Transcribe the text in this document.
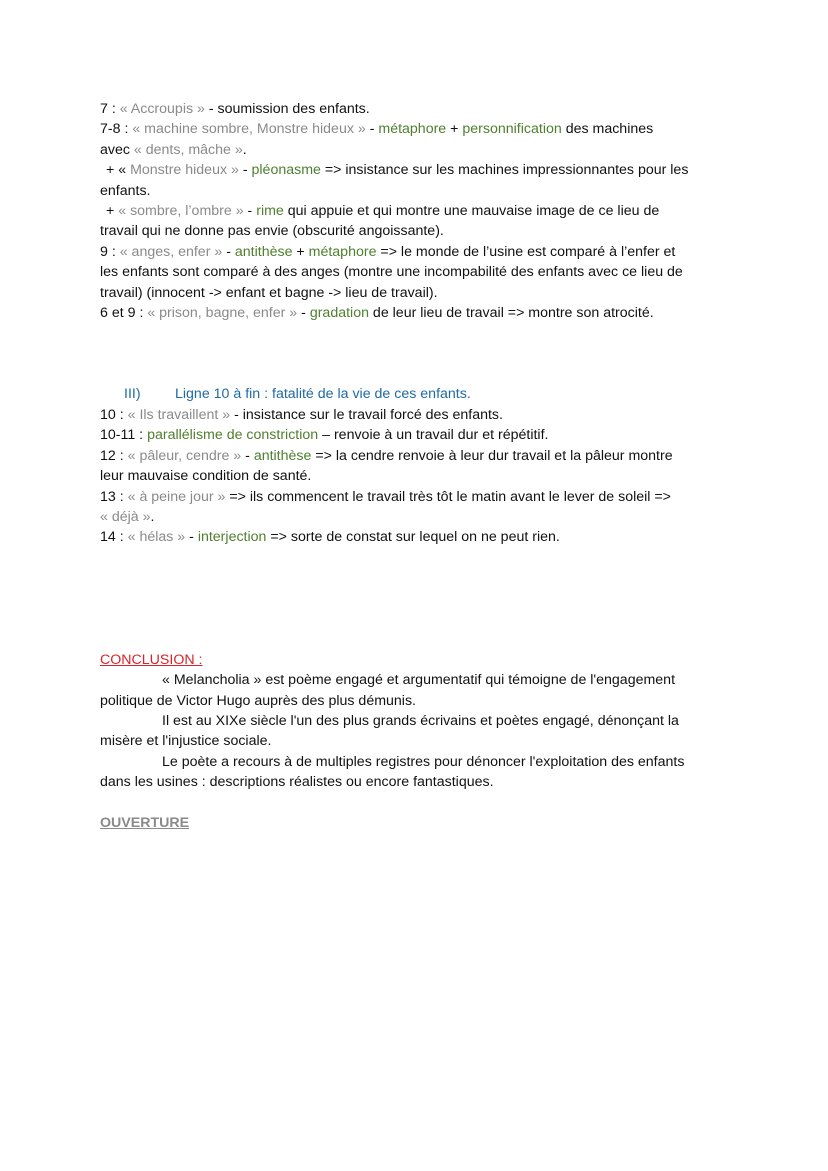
7 : « Accroupis » - soumission des enfants.
7-8 : « machine sombre, Monstre hideux » - métaphore + personnification des machines
avec « dents, mâche ».
+ « Monstre hideux » - pléonasme => insistance sur les machines impressionnantes pour les
enfants.
+ « sombre, l’ombre » - rime qui appuie et qui montre une mauvaise image de ce lieu de
travail qui ne donne pas envie (obscurité angoissante).
9 : « anges, enfer » - antithèse + métaphore => le monde de l’usine est comparé à l’enfer et
les enfants sont comparé à des anges (montre une incompabilité des enfants avec ce lieu de
travail) (innocent -> enfant et bagne -> lieu de travail).
6 et 9 : « prison, bagne, enfer » - gradation de leur lieu de travail => montre son atrocité.
III) Ligne 10 à fin : fatalité de la vie de ces enfants.
10 : « Ils travaillent » - insistance sur le travail forcé des enfants.
10-11 : parallélisme de constriction – renvoie à un travail dur et répétitif.
12 : « pâleur, cendre » - antithèse => la cendre renvoie à leur dur travail et la pâleur montre
leur mauvaise condition de santé.
13 : « à peine jour » => ils commencent le travail très tôt le matin avant le lever de soleil =>
« déjà ».
14 : « hélas » - interjection => sorte de constat sur lequel on ne peut rien.
CONCLUSION :
« Melancholia » est poème engagé et argumentatif qui témoigne de l'engagement
politique de Victor Hugo auprès des plus démunis.
Il est au XIXe siècle l'un des plus grands écrivains et poètes engagé, dénonçant la
misère et l'injustice sociale.
Le poète a recours à de multiples registres pour dénoncer l'exploitation des enfants
dans les usines : descriptions réalistes ou encore fantastiques.
OUVERTURE
